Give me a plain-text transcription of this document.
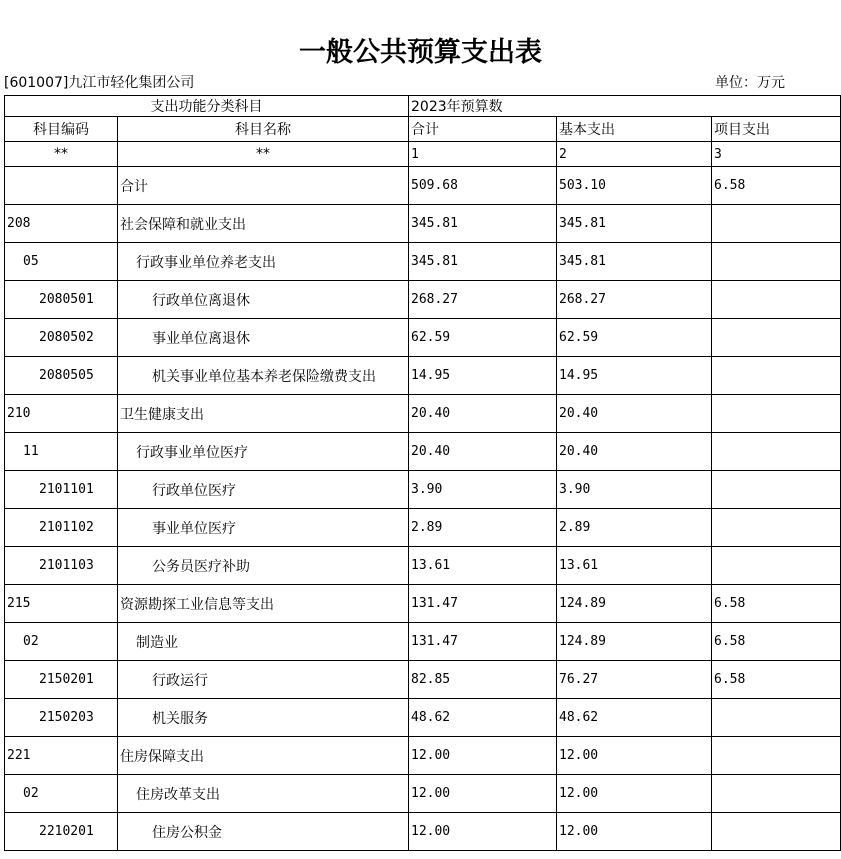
一般公共预算支出表
[601007]九江市轻化集团公司	单位：万元
支出功能分类科目		2023年预算数		
科目编码	科目名称	合计	基本支出	项目支出
**	**	1	2	3
	合计	509.68	503.10	6.58
208	社会保障和就业支出	345.81	345.81	
05	行政事业单位养老支出	345.81	345.81	
2080501	行政单位离退休	268.27	268.27	
2080502	事业单位离退休	62.59	62.59	
2080505	机关事业单位基本养老保险缴费支出	14.95	14.95	
210	卫生健康支出	20.40	20.40	
11	行政事业单位医疗	20.40	20.40	
2101101	行政单位医疗	3.90	3.90	
2101102	事业单位医疗	2.89	2.89	
2101103	公务员医疗补助	13.61	13.61	
215	资源勘探工业信息等支出	131.47	124.89	6.58
02	制造业	131.47	124.89	6.58
2150201	行政运行	82.85	76.27	6.58
2150203	机关服务	48.62	48.62	
221	住房保障支出	12.00	12.00	
02	住房改革支出	12.00	12.00	
2210201	住房公积金	12.00	12.00	
